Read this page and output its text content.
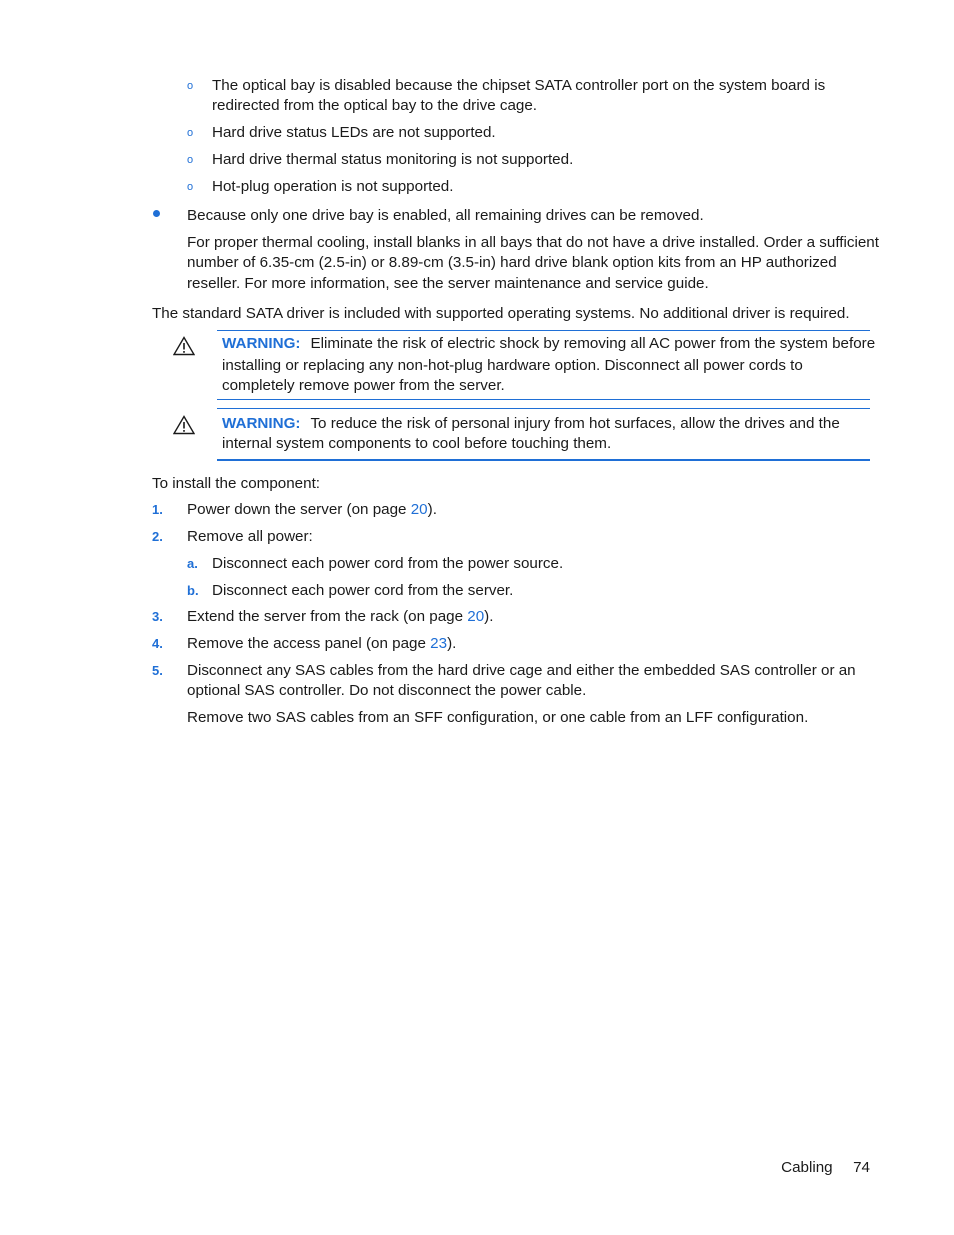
o The optical bay is disabled because the chipset SATA controller port on the system board is
redirected from the optical bay to the drive cage.
o Hard drive status LEDs are not supported.
o Hard drive thermal status monitoring is not supported.
o Hot-plug operation is not supported.
Because only one drive bay is enabled, all remaining drives can be removed.
For proper thermal cooling, install blanks in all bays that do not have a drive installed. Order a sufficient
number of 6.35-cm (2.5-in) or 8.89-cm (3.5-in) hard drive blank option kits from an HP authorized
reseller. For more information, see the server maintenance and service guide.
The standard SATA driver is included with supported operating systems. No additional driver is required.
WARNING: Eliminate the risk of electric shock by removing all AC power from the system before
installing or replacing any non-hot-plug hardware option. Disconnect all power cords to
completely remove power from the server.
WARNING: To reduce the risk of personal injury from hot surfaces, allow the drives and the
internal system components to cool before touching them.
To install the component:
1. Power down the server (on page 20).
2. Remove all power:
a. Disconnect each power cord from the power source.
b. Disconnect each power cord from the server.
3. Extend the server from the rack (on page 20).
4. Remove the access panel (on page 23).
5. Disconnect any SAS cables from the hard drive cage and either the embedded SAS controller or an
optional SAS controller. Do not disconnect the power cable.
Remove two SAS cables from an SFF configuration, or one cable from an LFF configuration.
Cabling 74
